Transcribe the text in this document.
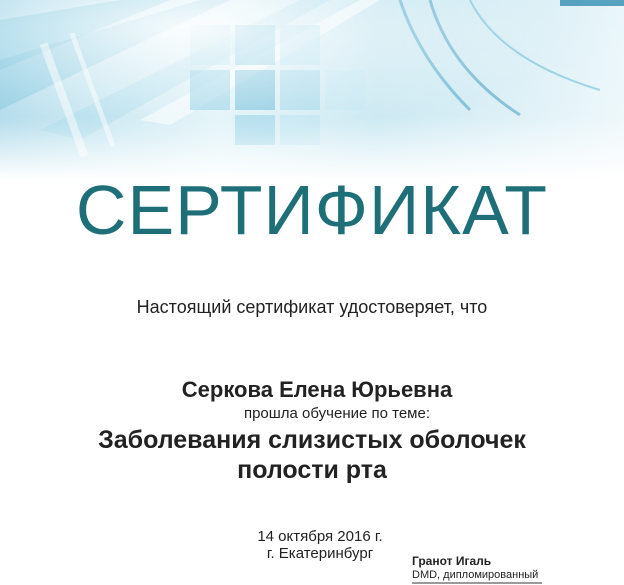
СЕРТИФИКАТ
Настоящий сертификат удостоверяет, что
Серкова Елена Юрьевна
прошла обучение по теме:
Заболевания слизистых оболочек
полости рта
14 октября 2016 г.
г. Екатеринбург	Гранот Игаль
DMD, дипломированный
